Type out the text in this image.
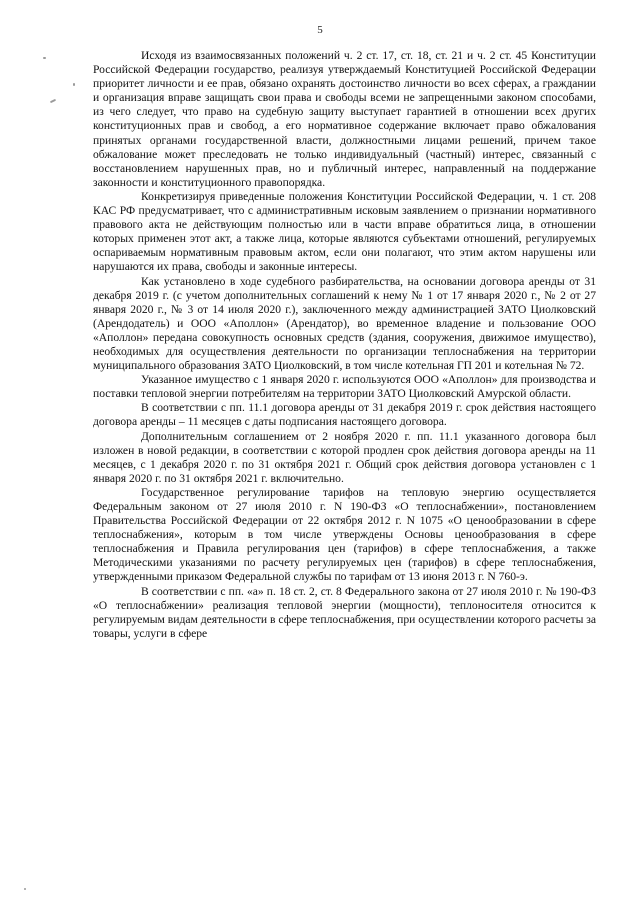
5

Исходя из взаимосвязанных положений ч. 2 ст. 17, ст. 18, ст. 21 и ч. 2 ст. 45 Конституции Российской Федерации государство, реализуя утверждаемый Конституцией Российской Федерации приоритет личности и ее прав, обязано охранять достоинство личности во всех сферах, а граждании и организация вправе защищать свои права и свободы всеми не запрещенными законом способами, из чего следует, что право на судебную защиту выступает гарантией в отношении всех других конституционных прав и свобод, а его нормативное содержание включает право обжалования принятых органами государственной власти, должностными лицами решений, причем такое обжалование может преследовать не только индивидуальный (частный) интерес, связанный с восстановлением нарушенных прав, но и публичный интерес, направленный на поддержание законности и конституционного правопорядка.

Конкретизируя приведенные положения Конституции Российской Федерации, ч. 1 ст. 208 КАС РФ предусматривает, что с административным исковым заявлением о признании нормативного правового акта не действующим полностью или в части вправе обратиться лица, в отношении которых применен этот акт, а также лица, которые являются субъектами отношений, регулируемых оспариваемым нормативным правовым актом, если они полагают, что этим актом нарушены или нарушаются их права, свободы и законные интересы.

Как установлено в ходе судебного разбирательства, на основании договора аренды от 31 декабря 2019 г. (с учетом дополнительных соглашений к нему № 1 от 17 января 2020 г., № 2 от 27 января 2020 г., № 3 от 14 июля 2020 г.), заключенного между администрацией ЗАТО Циолковский (Арендодатель) и ООО «Аполлон» (Арендатор), во временное владение и пользование ООО «Аполлон» передана совокупность основных средств (здания, сооружения, движимое имущество), необходимых для осуществления деятельности по организации теплоснабжения на территории муниципального образования ЗАТО Циолковский, в том числе котельная ГП 201 и котельная № 72.

Указанное имущество с 1 января 2020 г. используются ООО «Аполлон» для производства и поставки тепловой энергии потребителям на территории ЗАТО Циолковский Амурской области.

В соответствии с пп. 11.1 договора аренды от 31 декабря 2019 г. срок действия настоящего договора аренды – 11 месяцев с даты подписания настоящего договора.

Дополнительным соглашением от 2 ноября 2020 г. пп. 11.1 указанного договора был изложен в новой редакции, в соответствии с которой продлен срок действия договора аренды на 11 месяцев, с 1 декабря 2020 г. по 31 октября 2021 г. Общий срок действия договора установлен с 1 января 2020 г. по 31 октября 2021 г. включительно.

Государственное регулирование тарифов на тепловую энергию осуществляется Федеральным законом от 27 июля 2010 г. N 190-ФЗ «О теплоснабжении», постановлением Правительства Российской Федерации от 22 октября 2012 г. N 1075 «О ценообразовании в сфере теплоснабжения», которым в том числе утверждены Основы ценообразования в сфере теплоснабжения и Правила регулирования цен (тарифов) в сфере теплоснабжения, а также Методическими указаниями по расчету регулируемых цен (тарифов) в сфере теплоснабжения, утвержденными приказом Федеральной службы по тарифам от 13 июня 2013 г. N 760-э.

В соответствии с пп. «а» п. 18 ст. 2, ст. 8 Федерального закона от 27 июля 2010 г. № 190-ФЗ «О теплоснабжении» реализация тепловой энергии (мощности), теплоносителя относится к регулируемым видам деятельности в сфере теплоснабжения, при осуществлении которого расчеты за товары, услуги в сфере
